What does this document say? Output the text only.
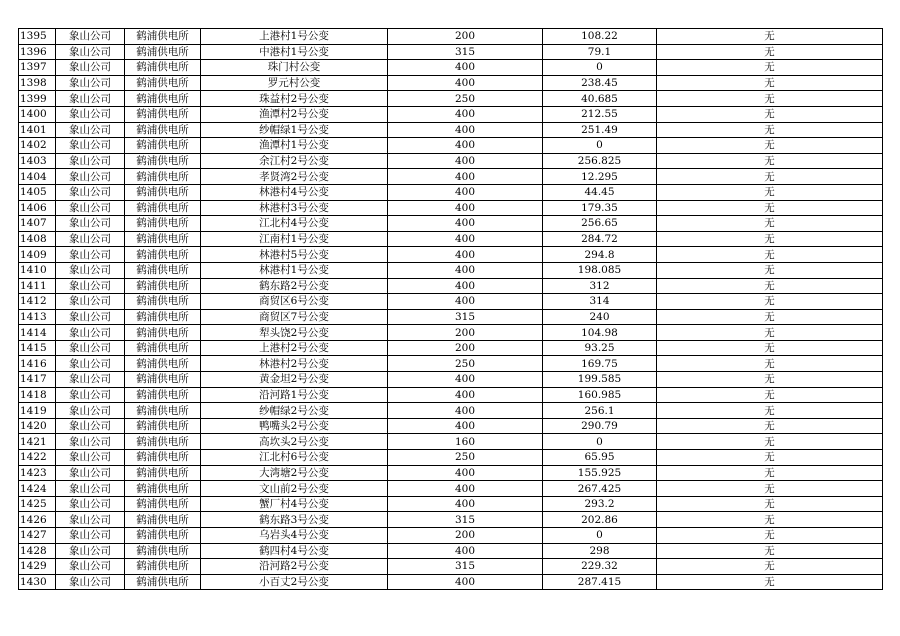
1395	象山公司	鹤浦供电所	上港村1号公变	200	108.22	无
1396	象山公司	鹤浦供电所	中港村1号公变	315	79.1	无
1397	象山公司	鹤浦供电所	珠门村公变	400	0	无
1398	象山公司	鹤浦供电所	罗元村公变	400	238.45	无
1399	象山公司	鹤浦供电所	珠益村2号公变	250	40.685	无
1400	象山公司	鹤浦供电所	渔潭村2号公变	400	212.55	无
1401	象山公司	鹤浦供电所	纱帽绿1号公变	400	251.49	无
1402	象山公司	鹤浦供电所	渔潭村1号公变	400	0	无
1403	象山公司	鹤浦供电所	余江村2号公变	400	256.825	无
1404	象山公司	鹤浦供电所	孝贤湾2号公变	400	12.295	无
1405	象山公司	鹤浦供电所	林港村4号公变	400	44.45	无
1406	象山公司	鹤浦供电所	林港村3号公变	400	179.35	无
1407	象山公司	鹤浦供电所	江北村4号公变	400	256.65	无
1408	象山公司	鹤浦供电所	江南村1号公变	400	284.72	无
1409	象山公司	鹤浦供电所	林港村5号公变	400	294.8	无
1410	象山公司	鹤浦供电所	林港村1号公变	400	198.085	无
1411	象山公司	鹤浦供电所	鹤东路2号公变	400	312	无
1412	象山公司	鹤浦供电所	商贸区6号公变	400	314	无
1413	象山公司	鹤浦供电所	商贸区7号公变	315	240	无
1414	象山公司	鹤浦供电所	犁头饶2号公变	200	104.98	无
1415	象山公司	鹤浦供电所	上港村2号公变	200	93.25	无
1416	象山公司	鹤浦供电所	林港村2号公变	250	169.75	无
1417	象山公司	鹤浦供电所	黄金坦2号公变	400	199.585	无
1418	象山公司	鹤浦供电所	沿河路1号公变	400	160.985	无
1419	象山公司	鹤浦供电所	纱帽绿2号公变	400	256.1	无
1420	象山公司	鹤浦供电所	鸭嘴头2号公变	400	290.79	无
1421	象山公司	鹤浦供电所	高坎头2号公变	160	0	无
1422	象山公司	鹤浦供电所	江北村6号公变	250	65.95	无
1423	象山公司	鹤浦供电所	大湾塘2号公变	400	155.925	无
1424	象山公司	鹤浦供电所	文山前2号公变	400	267.425	无
1425	象山公司	鹤浦供电所	蟹厂村4号公变	400	293.2	无
1426	象山公司	鹤浦供电所	鹤东路3号公变	315	202.86	无
1427	象山公司	鹤浦供电所	乌岩头4号公变	200	0	无
1428	象山公司	鹤浦供电所	鹤四村4号公变	400	298	无
1429	象山公司	鹤浦供电所	沿河路2号公变	315	229.32	无
1430	象山公司	鹤浦供电所	小百丈2号公变	400	287.415	无
